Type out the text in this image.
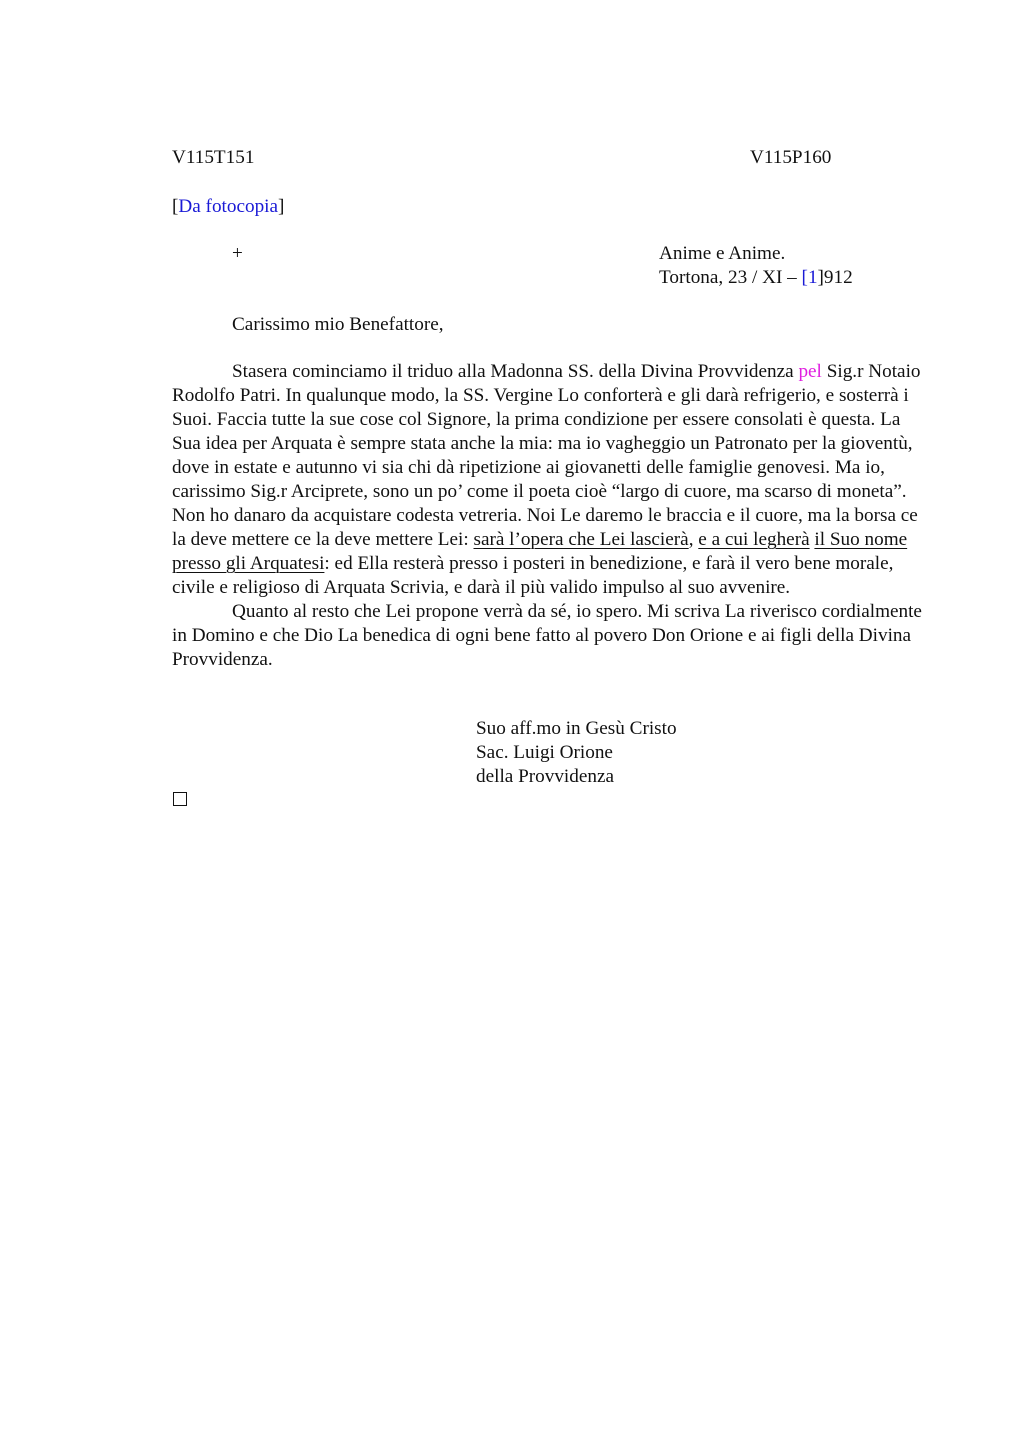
V115T151	V115P160
[Da fotocopia]
+	Anime e Anime.
Tortona, 23 / XI – [1]912
Carissimo mio Benefattore,

Stasera cominciamo il triduo alla Madonna SS. della Divina Provvidenza pel Sig.r Notaio Rodolfo Patri. In qualunque modo, la SS. Vergine Lo conforterà e gli darà refrigerio, e sosterrà i Suoi. Faccia tutte la sue cose col Signore, la prima condizione per essere consolati è questa. La Sua idea per Arquata è sempre stata anche la mia: ma io vagheggio un Patronato per la gioventù, dove in estate e autunno vi sia chi dà ripetizione ai giovanetti delle famiglie genovesi. Ma io, carissimo Sig.r Arciprete, sono un po’ come il poeta cioè “largo di cuore, ma scarso di moneta”. Non ho danaro da acquistare codesta vetreria. Noi Le daremo le braccia e il cuore, ma la borsa ce la deve mettere ce la deve mettere Lei: sarà l’opera che Lei lascierà, e a cui legherà il Suo nome presso gli Arquatesi: ed Ella resterà presso i posteri in benedizione, e farà il vero bene morale, civile e religioso di Arquata Scrivia, e darà il più valido impulso al suo avvenire.

Quanto al resto che Lei propone verrà da sé, io spero. Mi scriva La riverisco cordialmente in Domino e che Dio La benedica di ogni bene fatto al povero Don Orione e ai figli della Divina Provvidenza.

Suo aff.mo in Gesù Cristo
Sac. Luigi Orione
della Provvidenza
